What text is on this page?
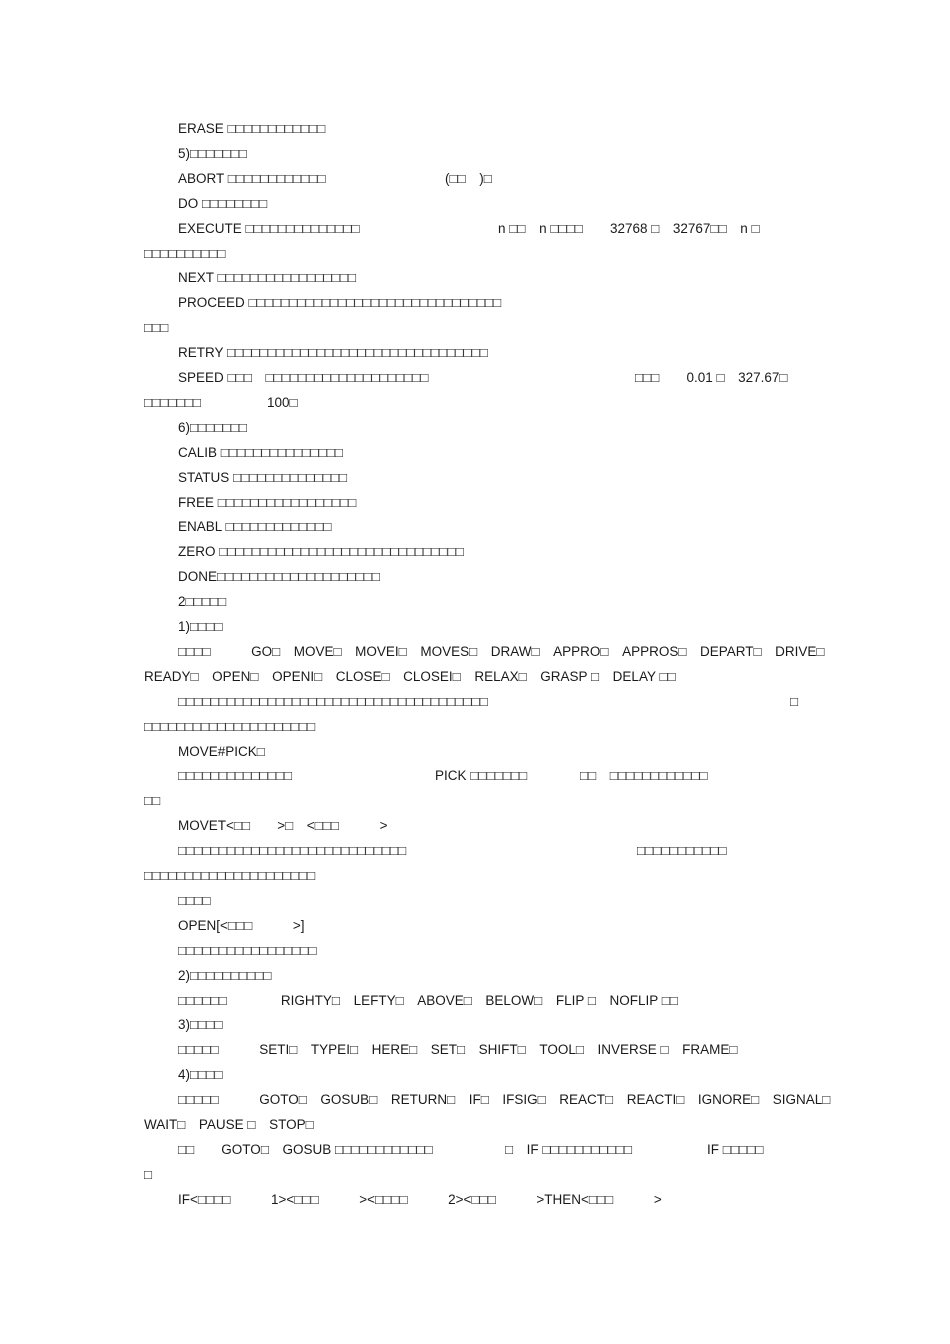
ERASE □□□□□□□□□□□□
5)□□□□□□□
ABORT □□□□□□□□□□□□	(□□　)□
DO □□□□□□□□
EXECUTE □□□□□□□□□□□□□□	n □□　n □□□□　　32768 □　32767□□　n □
□□□□□□□□□□
NEXT □□□□□□□□□□□□□□□□□
PROCEED □□□□□□□□□□□□□□□□□□□□□□□□□□□□□□□
□□□
RETRY □□□□□□□□□□□□□□□□□□□□□□□□□□□□□□□□
SPEED □□□　□□□□□□□□□□□□□□□□□□□□	□□□　　0.01 □　327.67□
□□□□□□□	100□
6)□□□□□□□
CALIB □□□□□□□□□□□□□□□
STATUS □□□□□□□□□□□□□□
FREE □□□□□□□□□□□□□□□□□
ENABL □□□□□□□□□□□□□
ZERO □□□□□□□□□□□□□□□□□□□□□□□□□□□□□□
DONE□□□□□□□□□□□□□□□□□□□□
2□□□□□
1)□□□□
□□□□　　　GO□　MOVE□　MOVEI□　MOVES□　DRAW□　APPRO□　APPROS□　DEPART□　DRIVE□
READY□　OPEN□　OPENI□　CLOSE□　CLOSEI□　RELAX□　GRASP □　DELAY □□
□□□□□□□□□□□□□□□□□□□□□□□□□□□□□□□□□□□□□□	□
□□□□□□□□□□□□□□□□□□□□□
MOVE#PICK□
□□□□□□□□□□□□□□	PICK □□□□□□□	□□　□□□□□□□□□□□□
□□
MOVET<□□　　>□　<□□□　　　>
□□□□□□□□□□□□□□□□□□□□□□□□□□□□	□□□□□□□□□□□
□□□□□□□□□□□□□□□□□□□□□
□□□□
OPEN[<□□□　　　>]
□□□□□□□□□□□□□□□□□
2)□□□□□□□□□□
□□□□□□　　　　RIGHTY□　LEFTY□　ABOVE□　BELOW□　FLIP □　NOFLIP □□
3)□□□□
□□□□□　　　SETI□　TYPEI□　HERE□　SET□　SHIFT□　TOOL□　INVERSE □　FRAME□
4)□□□□
□□□□□　　　GOTO□　GOSUB□　RETURN□　IF□　IFSIG□　REACT□　REACTI□　IGNORE□　SIGNAL□
WAIT□　PAUSE □　STOP□
□□　　GOTO□　GOSUB □□□□□□□□□□□□	□　IF □□□□□□□□□□□	IF □□□□□
□
IF<□□□□　　　1><□□□　　　><□□□□　　　2><□□□　　　>THEN<□□□　　　>
